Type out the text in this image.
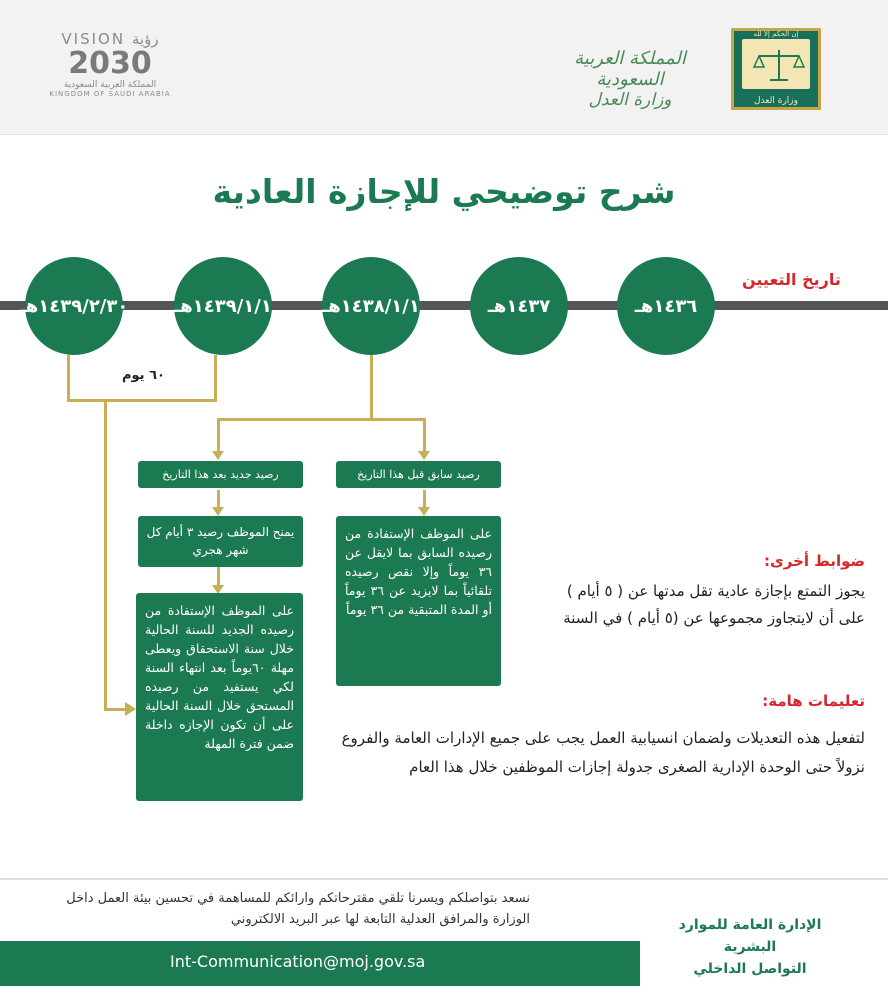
VISION رؤية
2030
المملكة العربية السعودية
KINGDOM OF SAUDI ARABIA
المملكة العربية السعودية
وزارة العدل
إن الحكم إلا لله
وزارة العدل
شرح توضيحي للإجازة العادية
تاريخ التعيين
١٤٣٦هـ
١٤٣٧هـ
١٤٣٨/١/١هـ
١٤٣٩/١/١هـ
١٤٣٩/٢/٣٠هـ
٦٠ يوم
رصيد سابق قبل هذا التاريخ
على الموظف الإستفادة من رصيده السابق بما لايقل عن ٣٦ يوماً وإلا نقص رصيده تلقائياً بما لايزيد عن ٣٦ يوماً أو المدة المتبقية من ٣٦ يوماً
رصيد جديد بعد هذا التاريخ
يمنح الموظف رصيد ٣ أيام كل شهر هجري
على الموظف الإستفادة من رصيده الجديد للسنة الحالية خلال سنة الاستحقاق ويعطى مهلة ٦٠يوماً بعد انتهاء السنة لكي يستفيد من رصيده المستحق خلال السنة الحالية على أن تكون الإجازه داخلة ضمن فترة المهلة
ضوابط أخرى:
يجوز التمتع بإجازة عادية تقل مدتها عن ( ٥ أيام ) على أن لايتجاوز مجموعها عن (٥ أيام ) في السنة
تعليمات هامة:
لتفعيل هذه التعديلات ولضمان انسيابية العمل يجب على جميع الإدارات العامة والفروع نزولاً حتى الوحدة الإدارية الصغرى جدولة إجازات الموظفين خلال هذا العام
نسعد بتواصلكم ويسرنا تلقي مقترحاتكم وارائكم للمساهمة في تحسين بيئة العمل داخل الوزارة والمرافق العدلية التابعة لها عبر البريد الالكتروني	الإدارة العامة للموارد البشرية
التواصل الداخلي
Int-Communication@moj.gov.sa
